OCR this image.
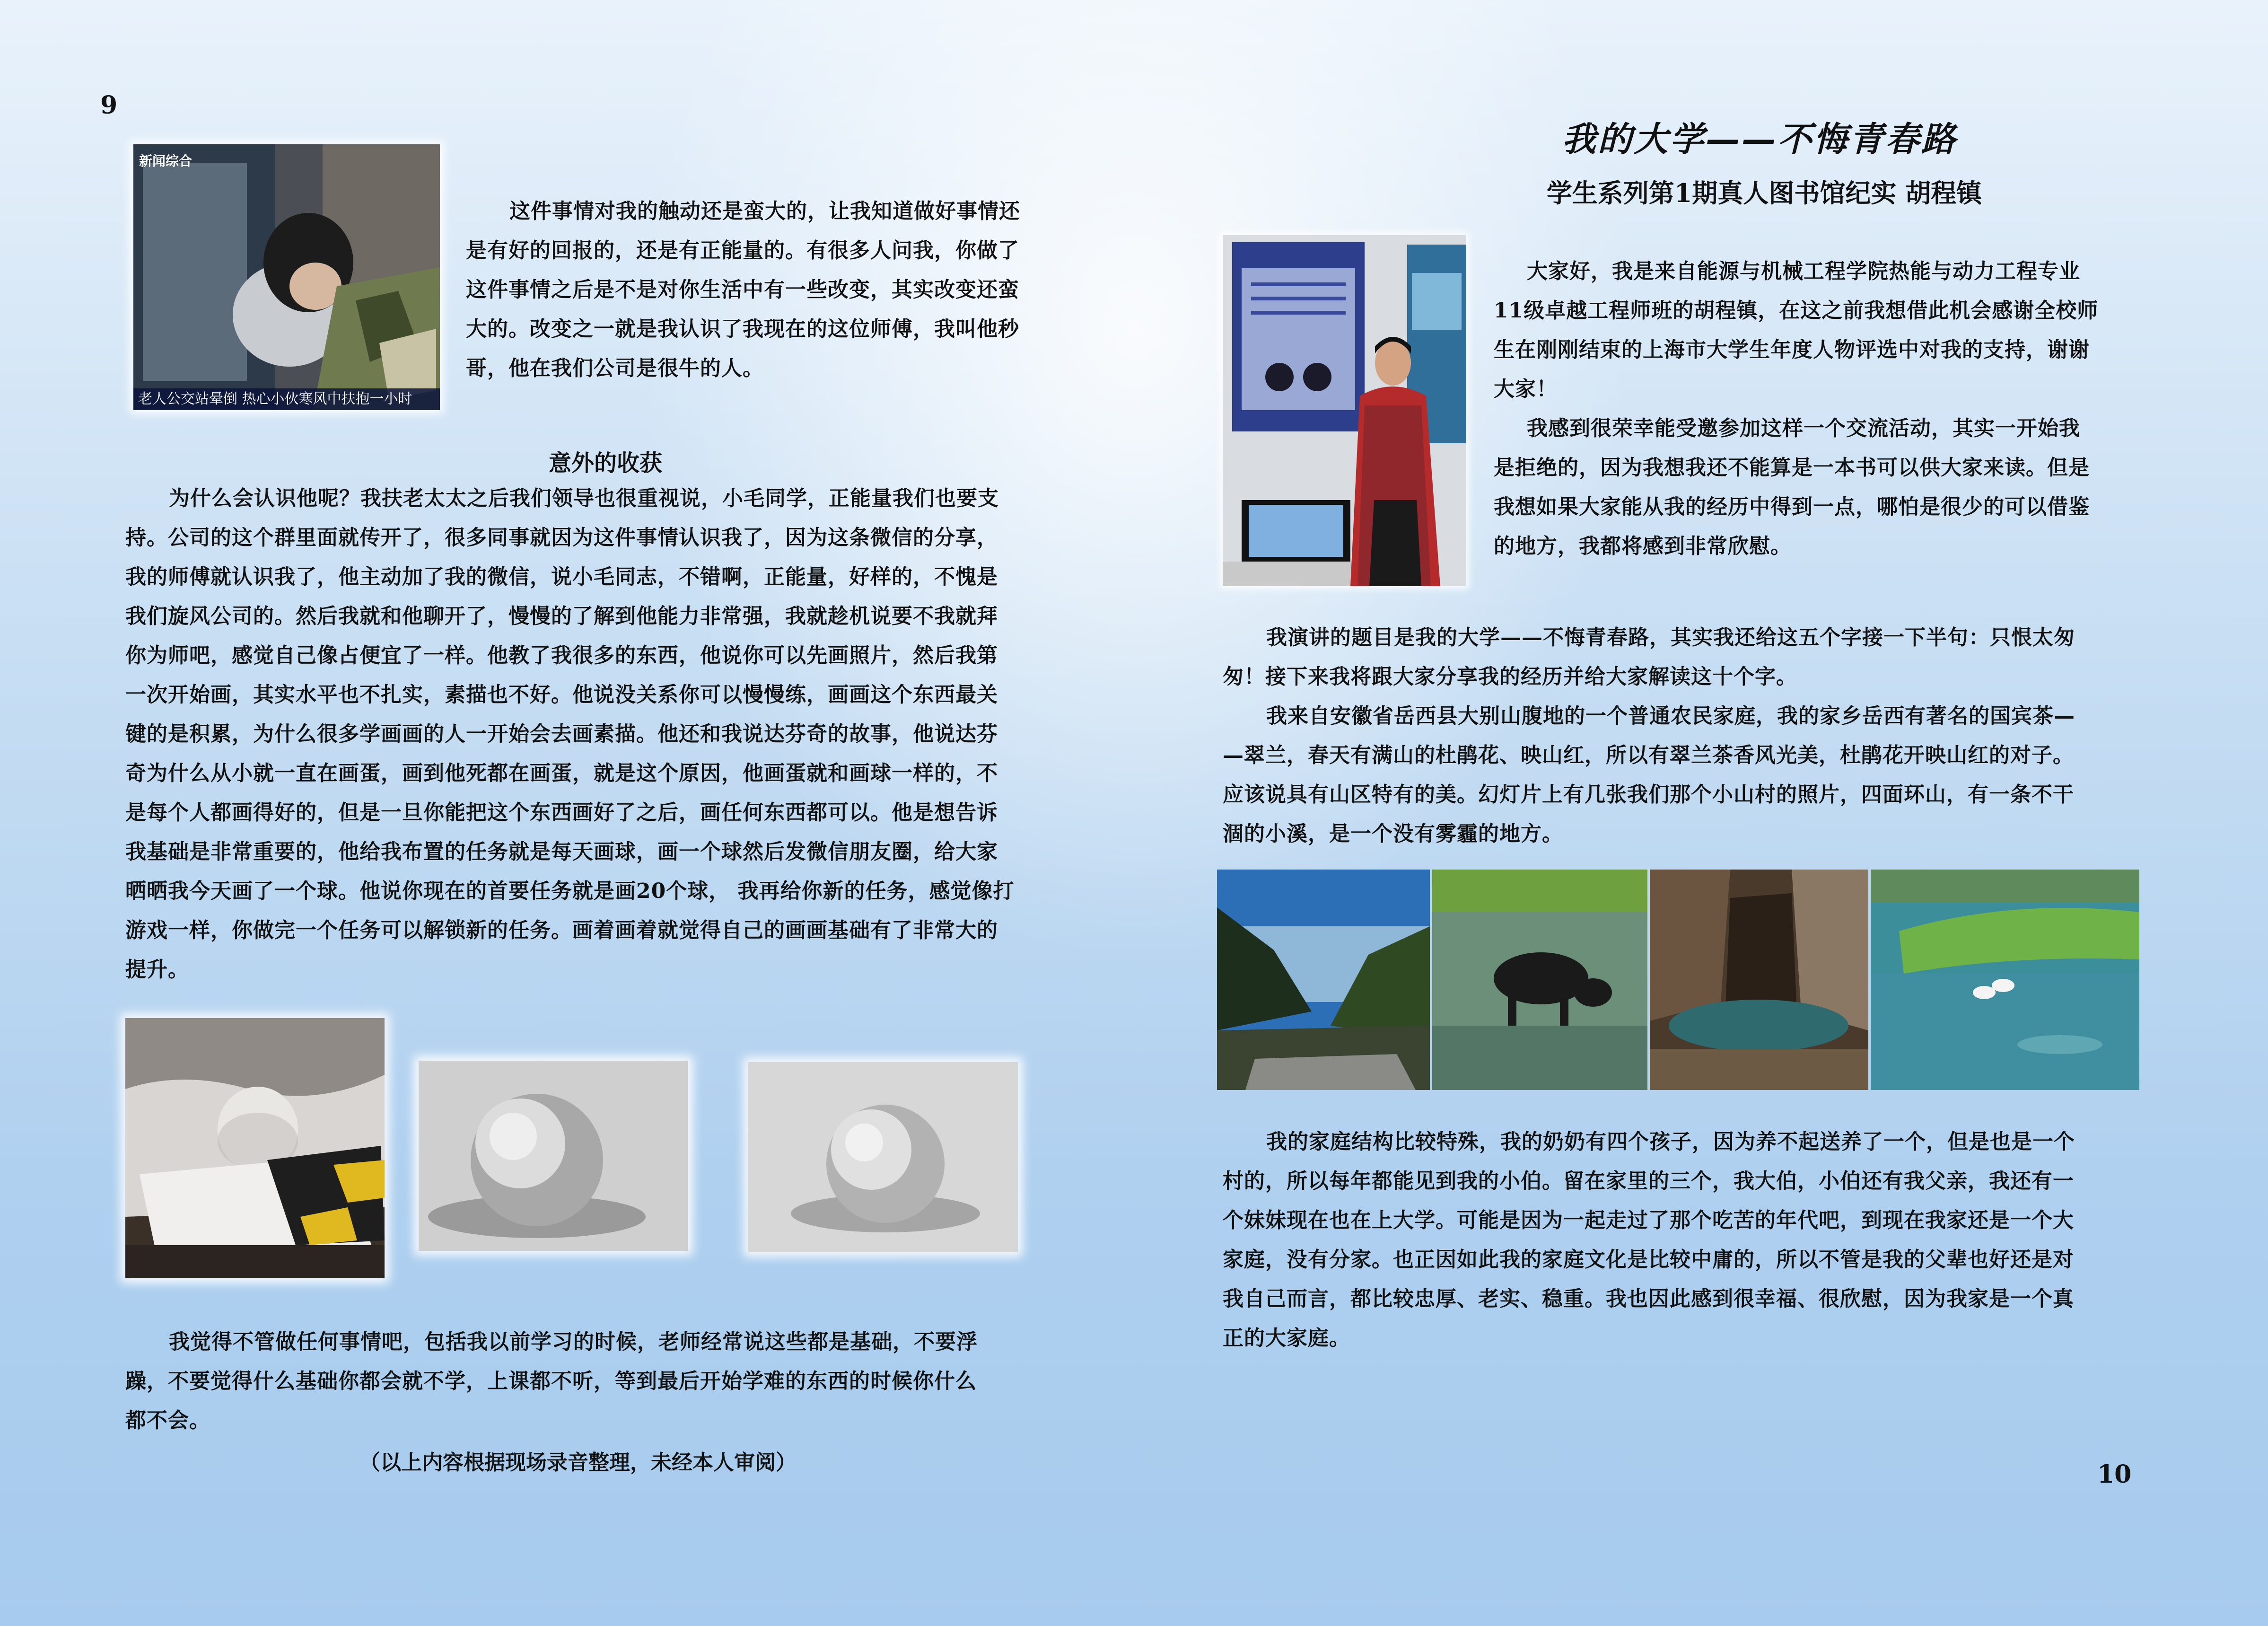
9
新闻综合
老人公交站晕倒 热心小伙寒风中扶抱一小时
这件事情对我的触动还是蛮大的，让我知道做好事情还
是有好的回报的，还是有正能量的。有很多人问我，你做了
这件事情之后是不是对你生活中有一些改变，其实改变还蛮
大的。改变之一就是我认识了我现在的这位师傅，我叫他秒
哥，他在我们公司是很牛的人。
意外的收获
为什么会认识他呢？我扶老太太之后我们领导也很重视说，小毛同学，正能量我们也要支
持。公司的这个群里面就传开了，很多同事就因为这件事情认识我了，因为这条微信的分享，
我的师傅就认识我了，他主动加了我的微信，说小毛同志，不错啊，正能量，好样的，不愧是
我们旋风公司的。然后我就和他聊开了，慢慢的了解到他能力非常强，我就趁机说要不我就拜
你为师吧，感觉自己像占便宜了一样。他教了我很多的东西，他说你可以先画照片，然后我第
一次开始画，其实水平也不扎实，素描也不好。他说没关系你可以慢慢练，画画这个东西最关
键的是积累，为什么很多学画画的人一开始会去画素描。他还和我说达芬奇的故事，他说达芬
奇为什么从小就一直在画蛋，画到他死都在画蛋，就是这个原因，他画蛋就和画球一样的，不
是每个人都画得好的，但是一旦你能把这个东西画好了之后，画任何东西都可以。他是想告诉
我基础是非常重要的，他给我布置的任务就是每天画球，画一个球然后发微信朋友圈，给大家
晒晒我今天画了一个球。他说你现在的首要任务就是画20个球， 我再给你新的任务，感觉像打
游戏一样，你做完一个任务可以解锁新的任务。画着画着就觉得自己的画画基础有了非常大的
提升。
我觉得不管做任何事情吧，包括我以前学习的时候，老师经常说这些都是基础，不要浮
躁，不要觉得什么基础你都会就不学，上课都不听，等到最后开始学难的东西的时候你什么
都不会。
（以上内容根据现场录音整理，未经本人审阅）
我的大学——不悔青春路
学生系列第1期真人图书馆纪实 胡程镇
大家好，我是来自能源与机械工程学院热能与动力工程专业
11级卓越工程师班的胡程镇，在这之前我想借此机会感谢全校师
生在刚刚结束的上海市大学生年度人物评选中对我的支持，谢谢
大家！
我感到很荣幸能受邀参加这样一个交流活动，其实一开始我
是拒绝的，因为我想我还不能算是一本书可以供大家来读。但是
我想如果大家能从我的经历中得到一点，哪怕是很少的可以借鉴
的地方，我都将感到非常欣慰。
我演讲的题目是我的大学——不悔青春路，其实我还给这五个字接一下半句：只恨太匆
匆！接下来我将跟大家分享我的经历并给大家解读这十个字。
我来自安徽省岳西县大别山腹地的一个普通农民家庭，我的家乡岳西有著名的国宾茶—
—翠兰，春天有满山的杜鹃花、映山红，所以有翠兰茶香风光美，杜鹃花开映山红的对子。
应该说具有山区特有的美。幻灯片上有几张我们那个小山村的照片，四面环山，有一条不干
涸的小溪，是一个没有雾霾的地方。
我的家庭结构比较特殊，我的奶奶有四个孩子，因为养不起送养了一个，但是也是一个
村的，所以每年都能见到我的小伯。留在家里的三个，我大伯，小伯还有我父亲，我还有一
个妹妹现在也在上大学。可能是因为一起走过了那个吃苦的年代吧，到现在我家还是一个大
家庭，没有分家。也正因如此我的家庭文化是比较中庸的，所以不管是我的父辈也好还是对
我自己而言，都比较忠厚、老实、稳重。我也因此感到很幸福、很欣慰，因为我家是一个真
正的大家庭。
10
